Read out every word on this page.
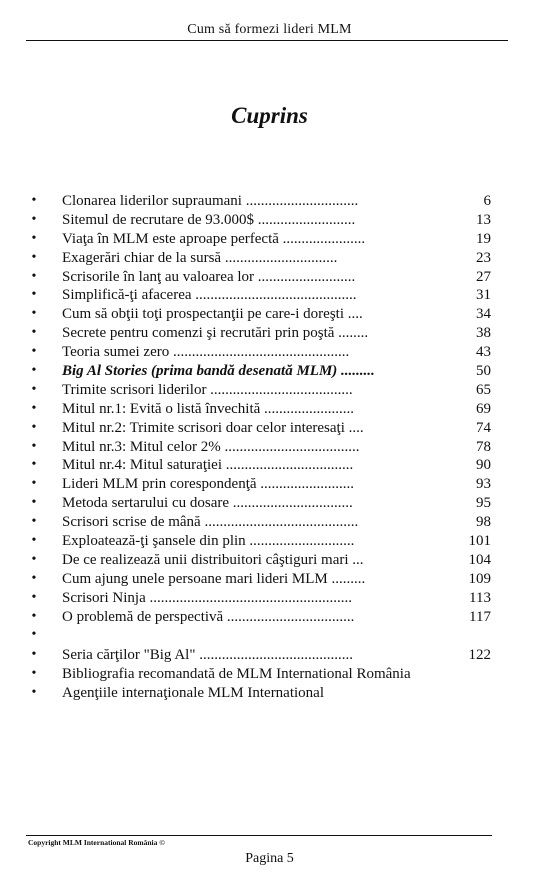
Cum să formezi lideri MLM
Cuprins
• Clonarea liderilor supraumani ..............................	6
• Sitemul de recrutare de 93.000$ ..........................	13
• Viaţa în MLM este aproape perfectă ......................	19
• Exagerări chiar de la sursă ..............................	23
• Scrisorile în lanţ au valoarea lor ..........................	27
• Simplifică-ţi afacerea ...........................................	31
• Cum să obţii toţi prospectanţii pe care-i doreşti ....	34
• Secrete pentru comenzi şi recrutări prin poştă ........	38
• Teoria sumei zero ...............................................	43
• Big Al Stories (prima bandă desenată MLM) .........	50
• Trimite scrisori liderilor ......................................	65
• Mitul nr.1: Evită o listă învechită ........................	69
• Mitul nr.2: Trimite scrisori doar celor interesaţi ....	74
• Mitul nr.3: Mitul celor 2% ....................................	78
• Mitul nr.4: Mitul saturaţiei ..................................	90
• Lideri MLM prin corespondenţă .........................	93
• Metoda sertarului cu dosare ................................	95
• Scrisori scrise de mână .........................................	98
• Exploatează-ţi şansele din plin ............................	101
• De ce realizează unii distribuitori câştiguri mari ...	104
• Cum ajung unele persoane mari lideri MLM .........	109
• Scrisori Ninja ......................................................	113
• O problemă de perspectivă ..................................	117
•
• Seria cărţilor "Big Al" .........................................	122
• Bibliografia recomandată de MLM International România
• Agenţiile internaţionale MLM International
Copyright MLM International România ©
Pagina 5
